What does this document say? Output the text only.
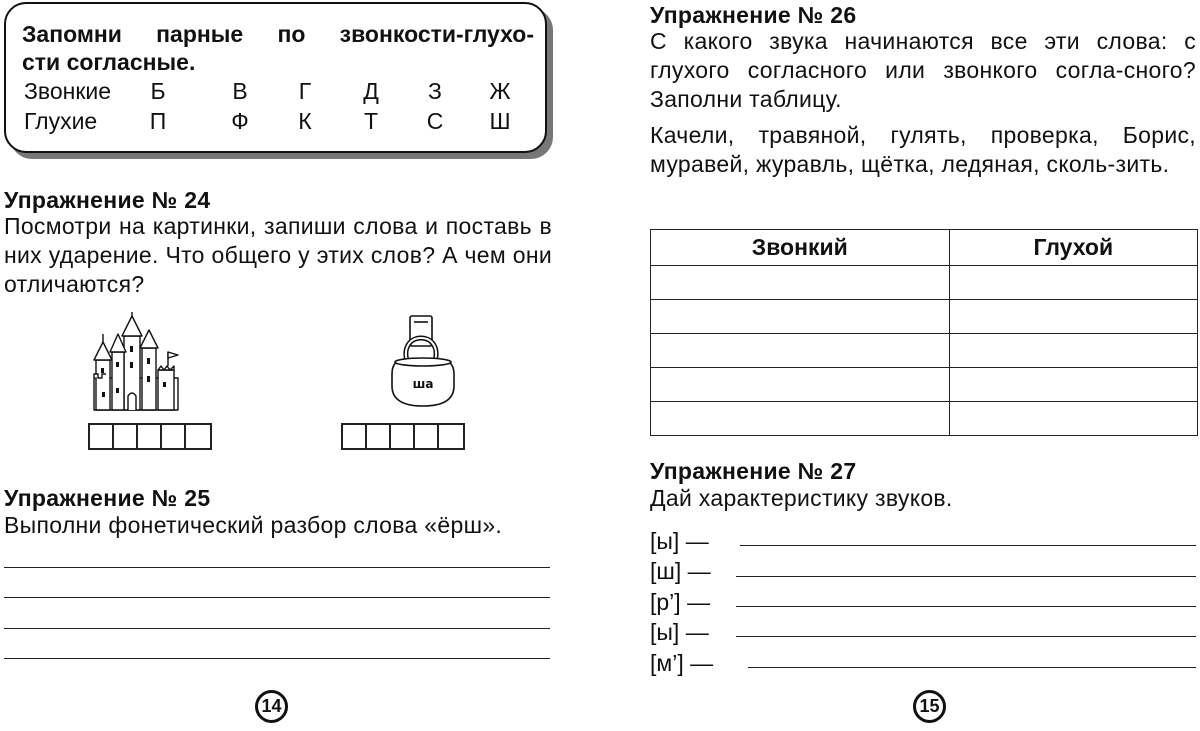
Запомни парные по звонкости-глухо-
сти согласные.
Звонкие	Б	В	Г	Д	З	Ж
Глухие П	Ф	К	Т	С Ш
Упражнение № 24
Посмотри на картинки, запиши слова и поставь в них ударение. Что общего у этих слов? А чем они отличаются?
ша
Упражнение № 25
Выполни фонетический разбор слова «ёрш».
14
Упражнение № 26
С какого звука начинаются все эти слова: с глухого согласного или звонкого согла-сного? Заполни таблицу.
Качели, травяной, гулять, проверка, Борис, муравей, журавль, щётка, ледяная, сколь-зить.
Звонкий	Глухой

Упражнение № 27
Дай характеристику звуков.
[ы] —
[ш] —
[р’] —
[ы] —
[м’] —
15
